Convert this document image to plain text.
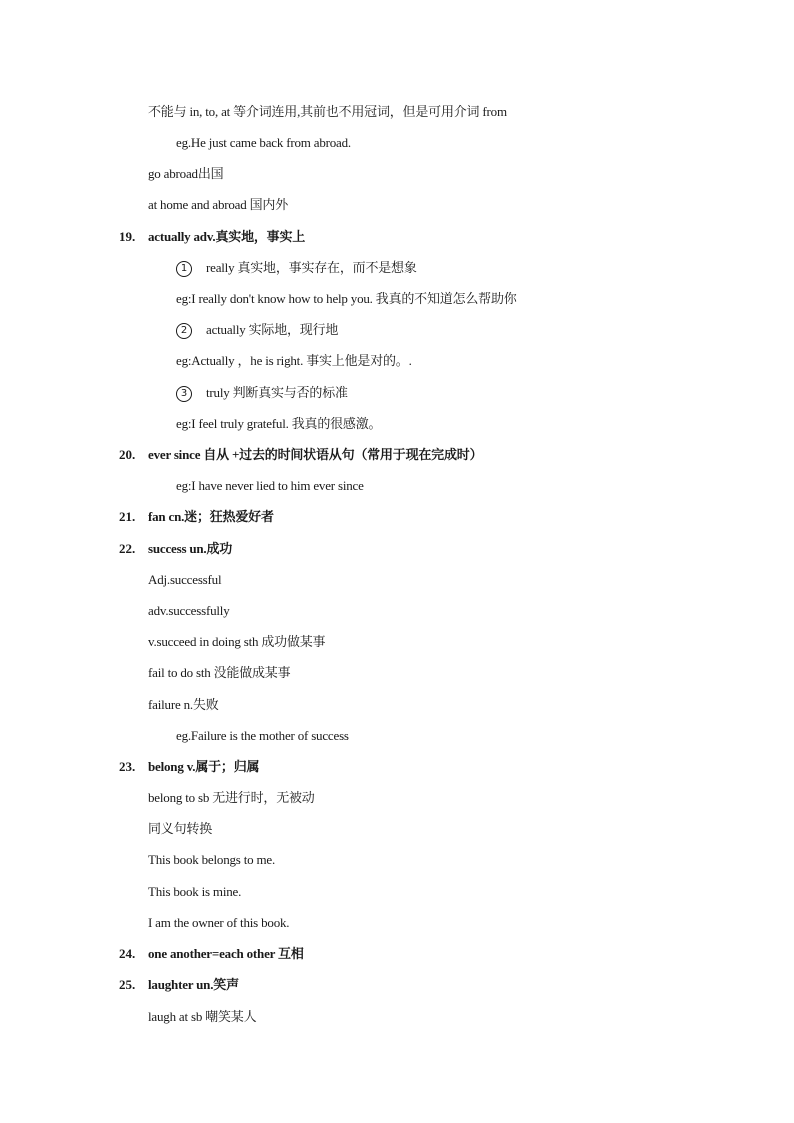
不能与 in, to, at 等介词连用,其前也不用冠词，但是可用介词 from
eg.He just came back from abroad.
go abroad出国
at home and abroad 国内外
19. actually adv.真实地，事实上
1 really 真实地，事实存在，而不是想象
eg:I really don't know how to help you. 我真的不知道怎么帮助你
2 actually 实际地，现行地
eg:Actually ，he is right. 事实上他是对的。.
3 truly 判断真实与否的标准
eg:I feel truly grateful. 我真的很感激。
20. ever since 自从 +过去的时间状语从句（常用于现在完成时）
eg:I have never lied to him ever since
21. fan cn.迷；狂热爱好者
22. success un.成功
Adj.successful
adv.successfully
v.succeed in doing sth 成功做某事
fail to do sth 没能做成某事
failure n.失败
eg.Failure is the mother of success
23. belong v.属于；归属
belong to sb 无进行时，无被动
同义句转换
This book belongs to me.
This book is mine.
I am the owner of this book.
24. one another=each other 互相
25. laughter un.笑声
laugh at sb 嘲笑某人
